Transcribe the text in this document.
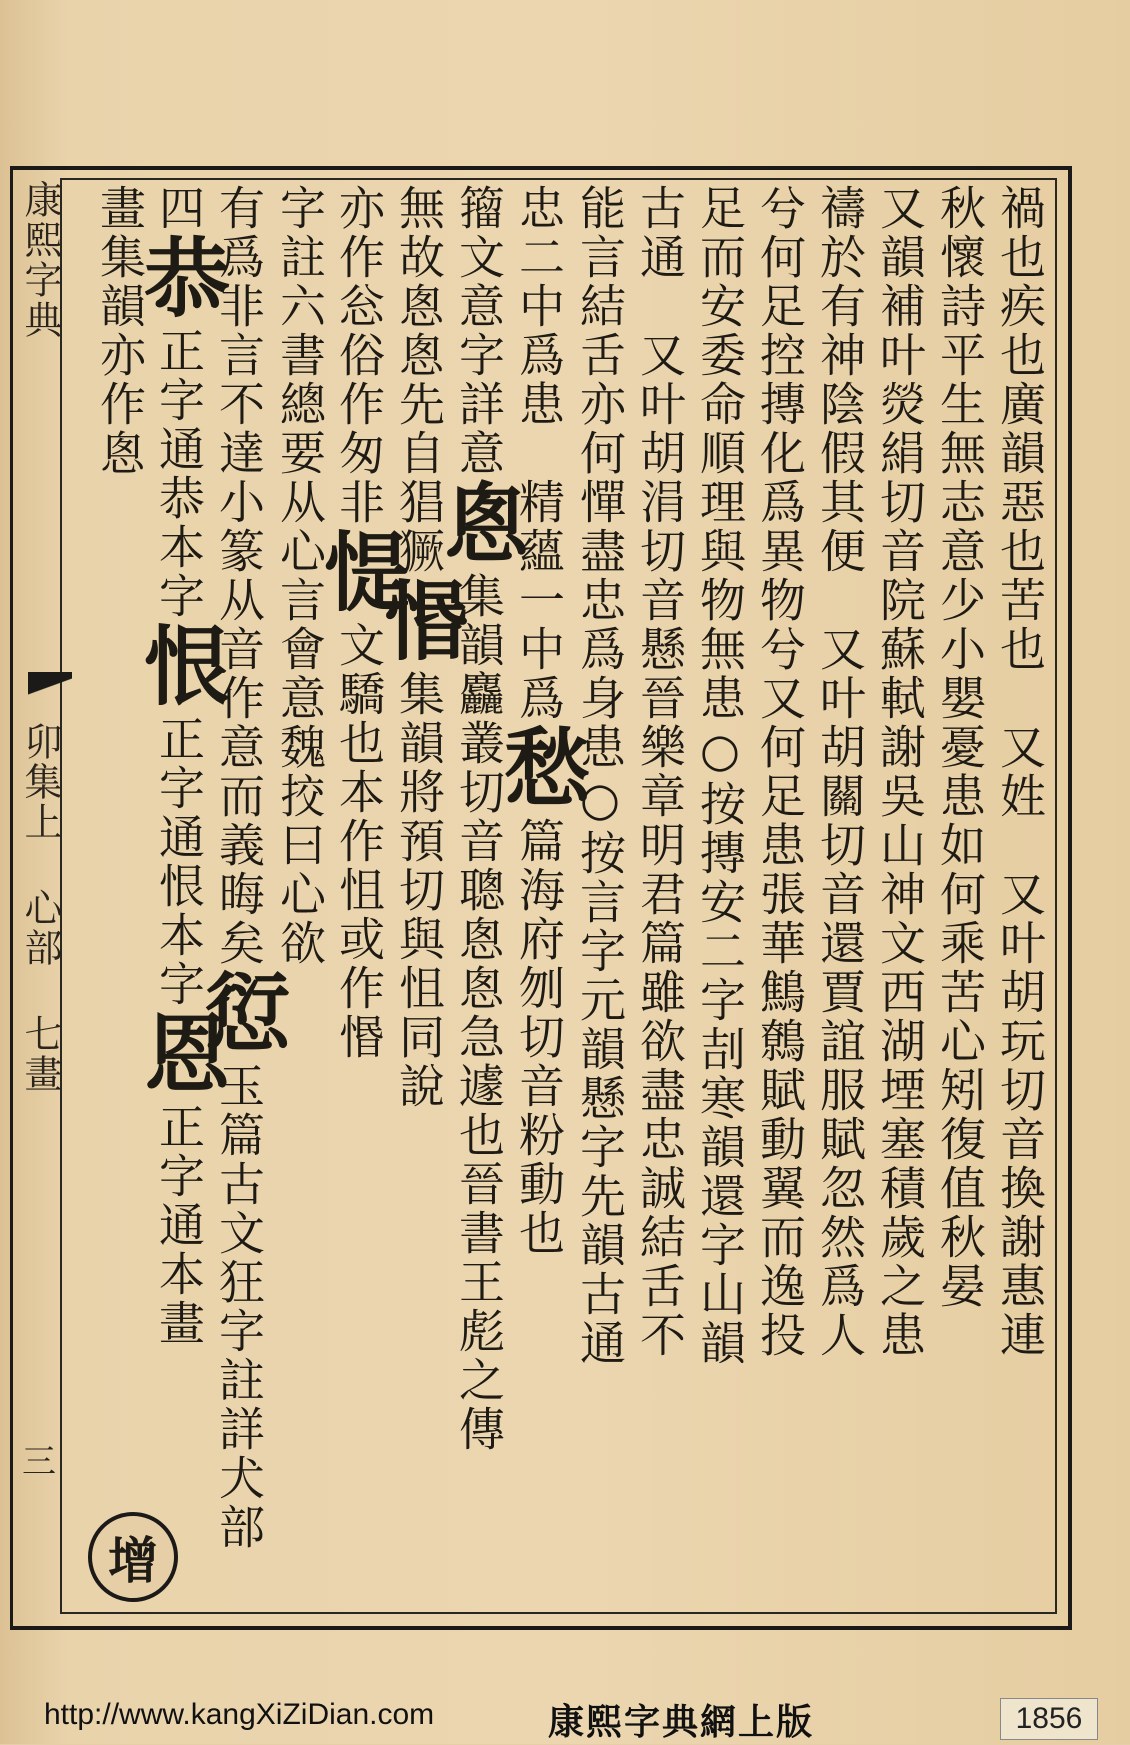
康熙字典
卯集上 心部 七畫
三
禍也疾也廣韻惡也苦也　又姓　又叶胡玩切音換謝惠連
秋懷詩平生無志意少小嬰憂患如何乘苦心矧復值秋晏
又韻補叶熒絹切音院蘇軾謝吳山神文西湖堙塞積歲之患
禱於有神陰假其便　又叶胡關切音還賈誼服賦忽然爲人
兮何足控摶化爲異物兮又何足患張華鷦鷯賦動翼而逸投
足而安委命順理與物無患○按摶安二字㓤寒韻還字山韻
古通　又叶胡涓切音懸晉樂章明君篇雖欲盡忠誠結舌不
能言結舌亦何憚盡忠爲身患○按言字元韻懸字先韻古通
忠二中爲患　精蘊一中爲愁篇海府刎切音粉動也
籀文意字詳意悤集韻麤叢切音聰悤悤急遽也晉書王彪之傳
無故悤悤先自猖獗惽集韻將預切與怚同說
亦作忩俗作匆非惿文驕也本作怚或作惽
字註六書總要从心言會意魏挍曰心欲
有爲非言不達小篆从音作意而義晦矣愆玉篇古文狂字註詳犬部
四恭正字通恭本字恨正字通恨本字恩正字通本畫
畫集韻亦作悤
增
http://www.kangXiZiDian.com	康熙字典網上版	1856
